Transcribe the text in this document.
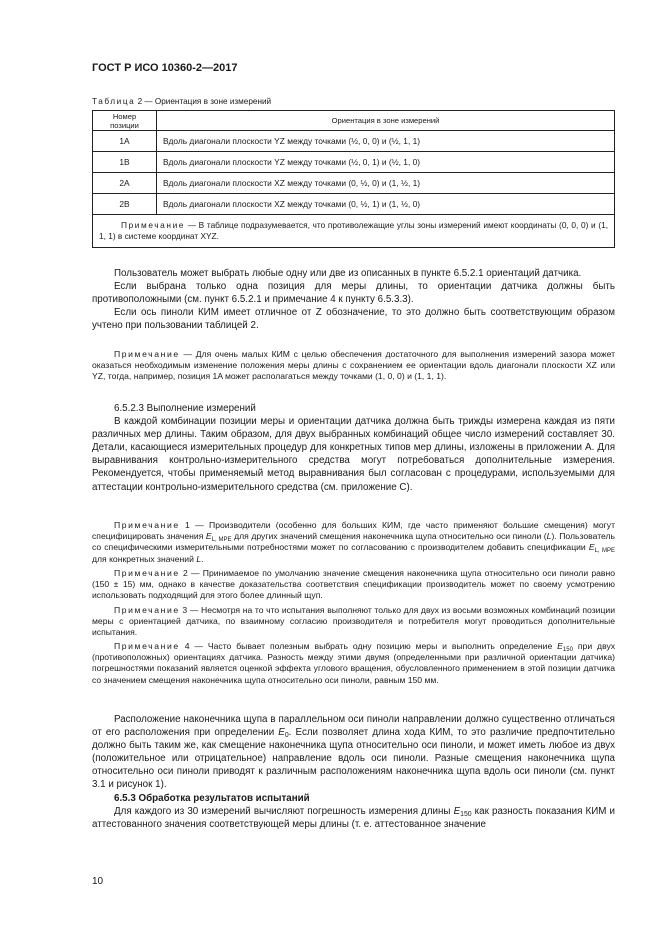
ГОСТ Р ИСО 10360-2—2017
Таблица 2 — Ориентация в зоне измерений
Номер позиции	Ориентация в зоне измерений
1A	Вдоль диагонали плоскости YZ между точками (½, 0, 0) и (½, 1, 1)
1B	Вдоль диагонали плоскости YZ между точками (½, 0, 1) и (½, 1, 0)
2A	Вдоль диагонали плоскости XZ между точками (0, ½, 0) и (1, ½, 1)
2B	Вдоль диагонали плоскости XZ между точками (0, ½, 1) и (1, ½, 0)
Примечание — В таблице подразумевается, что противолежащие углы зоны измерений имеют координаты (0, 0, 0) и (1, 1, 1) в системе координат XYZ.	

Пользователь может выбрать любые одну или две из описанных в пункте 6.5.2.1 ориентаций датчика.

Если выбрана только одна позиция для меры длины, то ориентации датчика должны быть противоположными (см. пункт 6.5.2.1 и примечание 4 к пункту 6.5.3.3).

Если ось пиноли КИМ имеет отличное от Z обозначение, то это должно быть соответствующим образом учтено при пользовании таблицей 2.

Примечание — Для очень малых КИМ с целью обеспечения достаточного для выполнения измерений зазора может оказаться необходимым изменение положения меры длины с сохранением ее ориентации вдоль диагонали плоскости XZ или YZ, тогда, например, позиция 1A может располагаться между точками (1, 0, 0) и (1, 1, 1).

6.5.2.3 Выполнение измерений

В каждой комбинации позиции меры и ориентации датчика должна быть трижды измерена каждая из пяти различных мер длины. Таким образом, для двух выбранных комбинаций общее число измерений составляет 30. Детали, касающиеся измерительных процедур для конкретных типов мер длины, изложены в приложении А. Для выравнивания контрольно-измерительного средства могут потребоваться дополнительные измерения. Рекомендуется, чтобы применяемый метод выравнивания был согласован с процедурами, используемыми для аттестации контрольно-измерительного средства (см. приложение С).

Примечание 1 — Производители (особенно для больших КИМ, где часто применяют большие смещения) могут специфицировать значения $E_{L, MPE}$ для других значений смещения наконечника щупа относительно оси пиноли (L). Пользователь со специфическими измерительными потребностями может по согласованию с производителем добавить спецификации $E_{L, MPE}$ для конкретных значений L.
Примечание 2 — Принимаемое по умолчанию значение смещения наконечника щупа относительно оси пиноли равно (150 ± 15) мм, однако в качестве доказательства соответствия спецификации производитель может по своему усмотрению использовать подходящий для этого более длинный щуп.
Примечание 3 — Несмотря на то что испытания выполняют только для двух из восьми возможных комбинаций позиции меры с ориентацией датчика, по взаимному согласию производителя и потребителя могут проводиться дополнительные испытания.
Примечание 4 — Часто бывает полезным выбрать одну позицию меры и выполнить определение $E_{150}$ при двух (противоположных) ориентациях датчика. Разность между этими двумя (определенными при различной ориентации датчика) погрешностями показаний является оценкой эффекта углового вращения, обусловленного применением в этой позиции датчика со значением смещения наконечника щупа относительно оси пиноли, равным 150 мм.

Расположение наконечника щупа в параллельном оси пиноли направлении должно существенно отличаться от его расположения при определении $E_0$. Если позволяет длина хода КИМ, то это различие предпочтительно должно быть таким же, как смещение наконечника щупа относительно оси пиноли, и может иметь любое из двух (положительное или отрицательное) направление вдоль оси пиноли. Разные смещения наконечника щупа относительно оси пиноли приводят к различным расположениям наконечника щупа вдоль оси пиноли (см. пункт 3.1 и рисунок 1).

6.5.3 Обработка результатов испытаний

Для каждого из 30 измерений вычисляют погрешность измерения длины $E_{150}$ как разность показания КИМ и аттестованного значения соответствующей меры длины (т. е. аттестованное значение

10
